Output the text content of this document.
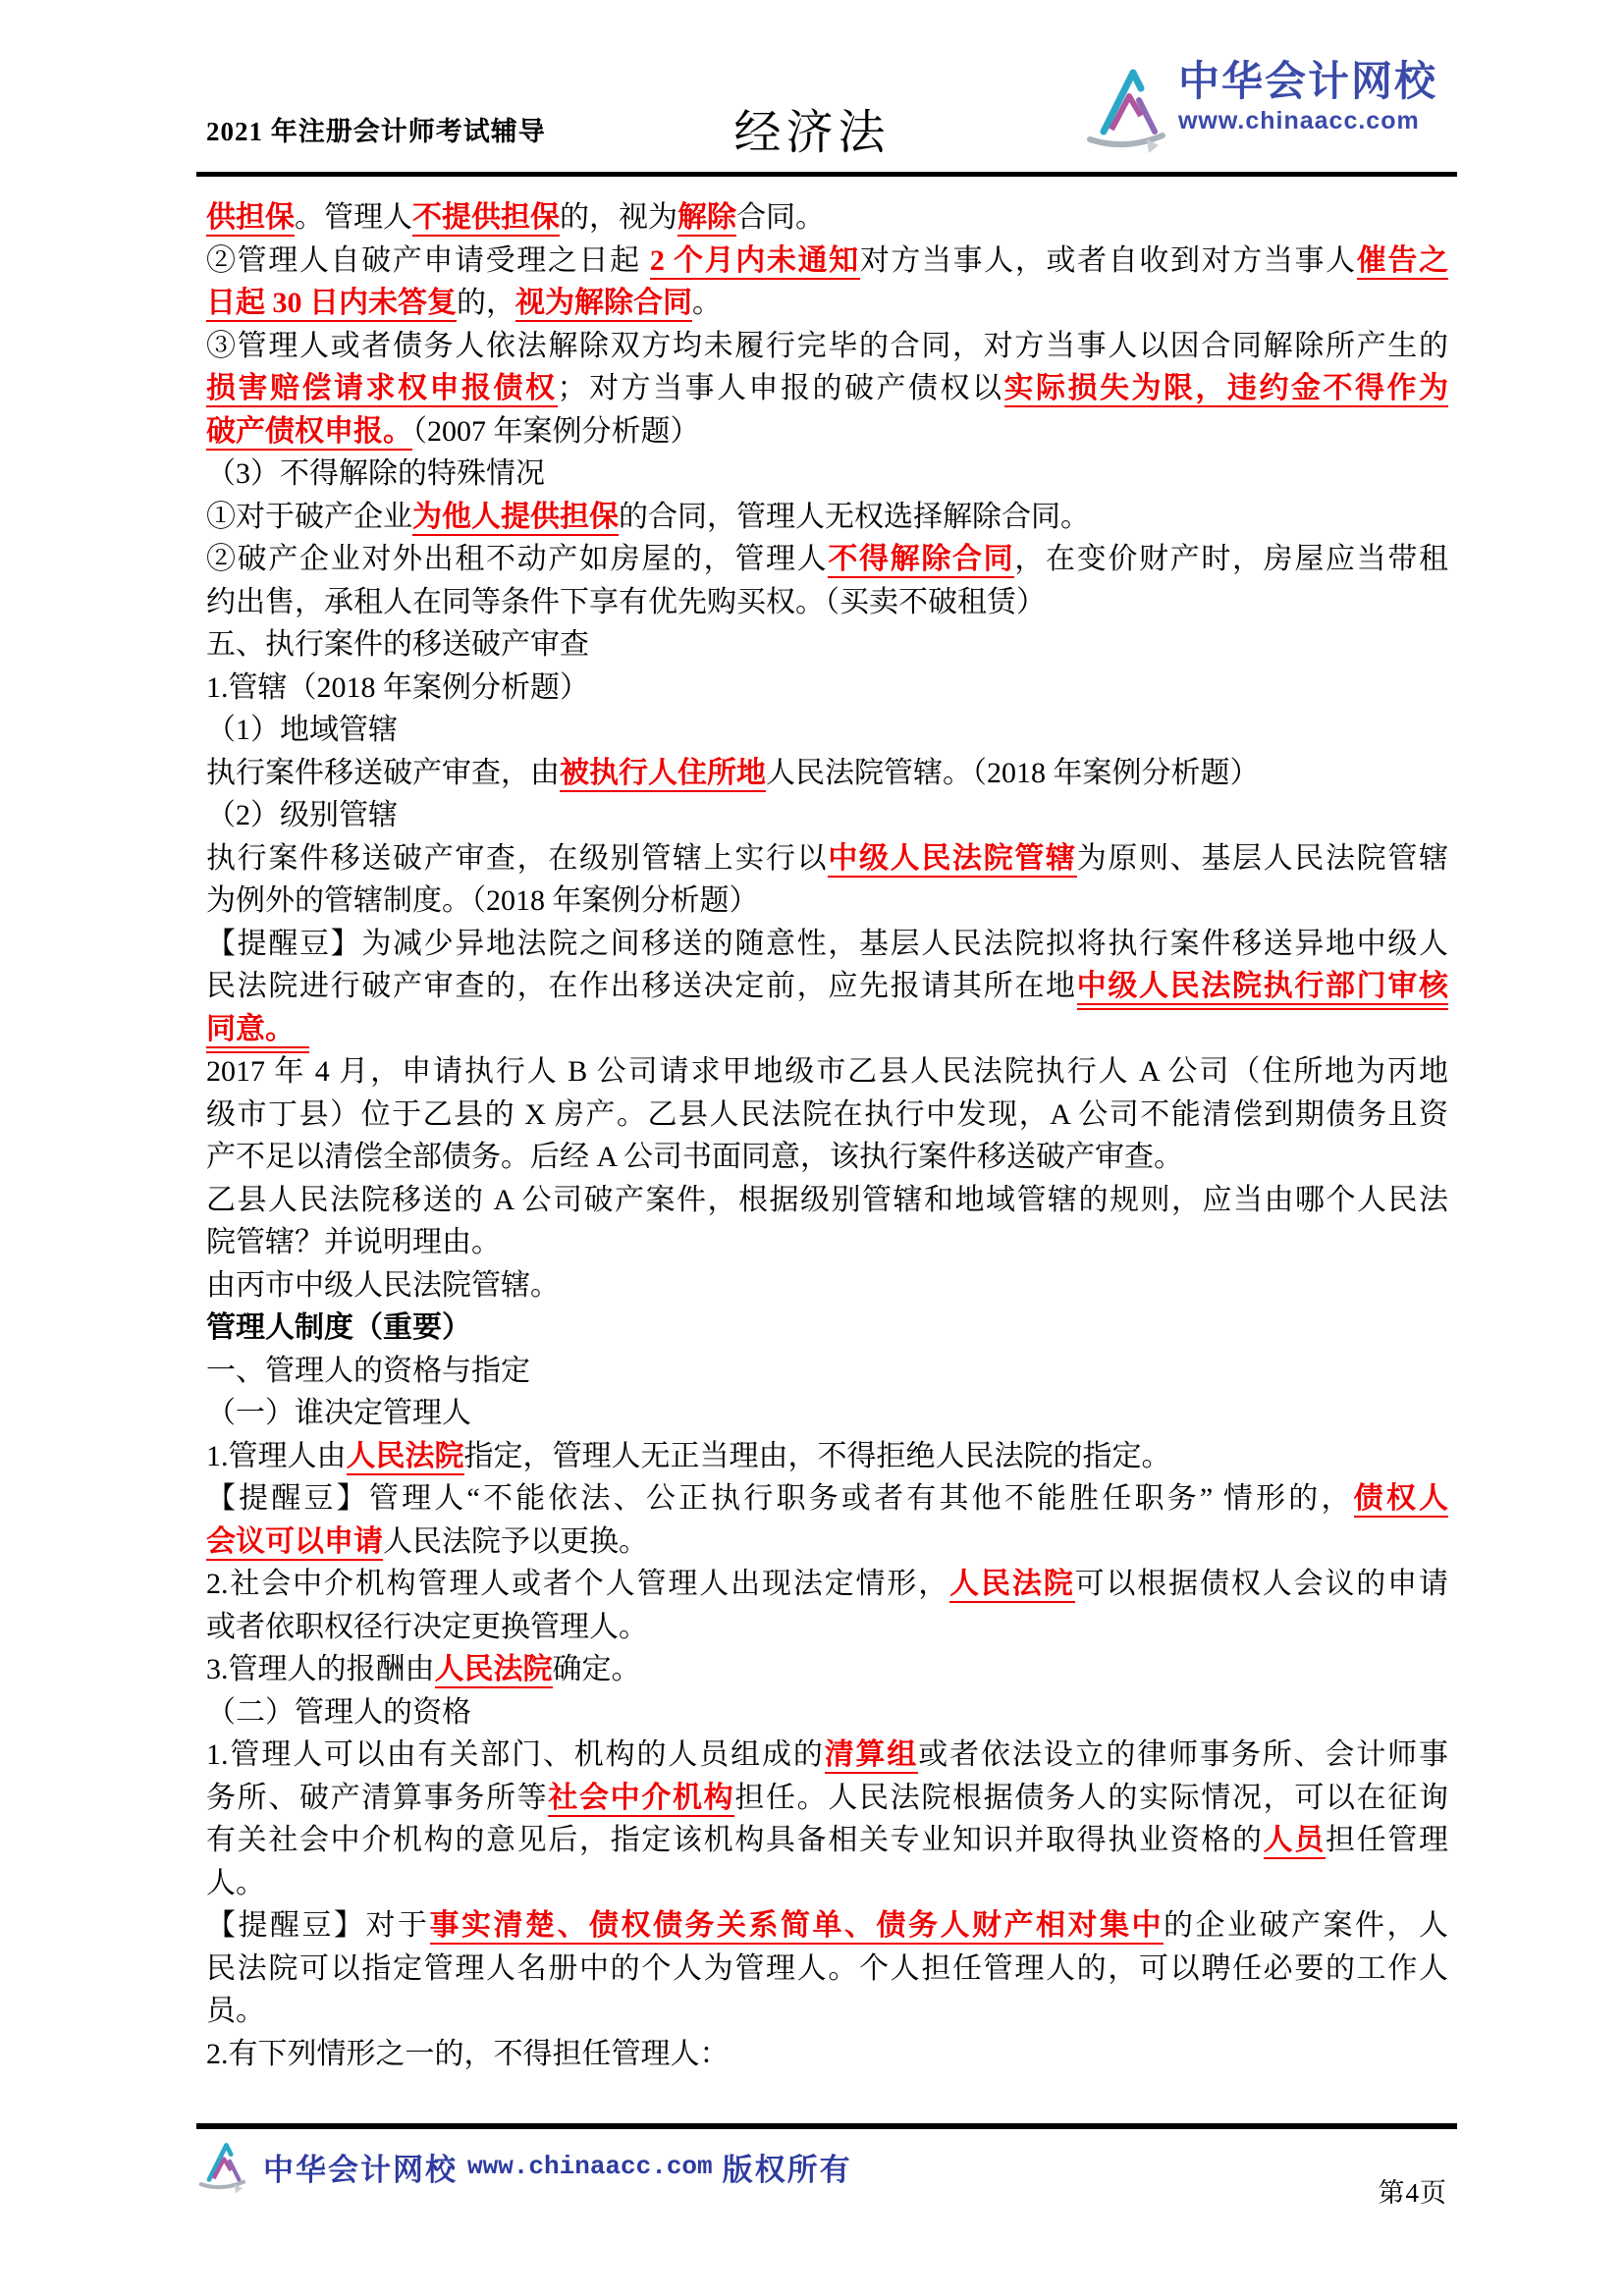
2021 年注册会计师考试辅导	经济法
中华会计网校
www.chinaacc.com
供担保。管理人不提供担保的，视为解除合同。
②管理人自破产申请受理之日起 2 个月内未通知对方当事人，或者自收到对方当事人催告之
日起 30 日内未答复的，视为解除合同。
③管理人或者债务人依法解除双方均未履行完毕的合同，对方当事人以因合同解除所产生的
损害赔偿请求权申报债权；对方当事人申报的破产债权以实际损失为限，违约金不得作为
破产债权申报。（2007 年案例分析题）
（3）不得解除的特殊情况
①对于破产企业为他人提供担保的合同，管理人无权选择解除合同。
②破产企业对外出租不动产如房屋的，管理人不得解除合同，在变价财产时，房屋应当带租
约出售，承租人在同等条件下享有优先购买权。（买卖不破租赁）
五、执行案件的移送破产审查
1.管辖（2018 年案例分析题）
（1）地域管辖
执行案件移送破产审查，由被执行人住所地人民法院管辖。（2018 年案例分析题）
（2）级别管辖
执行案件移送破产审查，在级别管辖上实行以中级人民法院管辖为原则、基层人民法院管辖
为例外的管辖制度。（2018 年案例分析题）
【提醒豆】为减少异地法院之间移送的随意性，基层人民法院拟将执行案件移送异地中级人
民法院进行破产审查的，在作出移送决定前，应先报请其所在地中级人民法院执行部门审核
同意。　
2017 年 4 月，申请执行人 B 公司请求甲地级市乙县人民法院执行人 A 公司（住所地为丙地
级市丁县）位于乙县的 X 房产。乙县人民法院在执行中发现，A 公司不能清偿到期债务且资
产不足以清偿全部债务。后经 A 公司书面同意，该执行案件移送破产审查。
乙县人民法院移送的 A 公司破产案件，根据级别管辖和地域管辖的规则，应当由哪个人民法
院管辖？并说明理由。
由丙市中级人民法院管辖。
管理人制度（重要）
一、管理人的资格与指定
（一）谁决定管理人
1.管理人由人民法院指定，管理人无正当理由，不得拒绝人民法院的指定。
【提醒豆】管理人“不能依法、公正执行职务或者有其他不能胜任职务” 情形的，债权人
会议可以申请人民法院予以更换。
2.社会中介机构管理人或者个人管理人出现法定情形，人民法院可以根据债权人会议的申请
或者依职权径行决定更换管理人。
3.管理人的报酬由人民法院确定。
（二）管理人的资格
1.管理人可以由有关部门、机构的人员组成的清算组或者依法设立的律师事务所、会计师事
务所、破产清算事务所等社会中介机构担任。人民法院根据债务人的实际情况，可以在征询
有关社会中介机构的意见后，指定该机构具备相关专业知识并取得执业资格的人员担任管理
人。
【提醒豆】对于事实清楚、债权债务关系简单、债务人财产相对集中的企业破产案件，人
民法院可以指定管理人名册中的个人为管理人。个人担任管理人的，可以聘任必要的工作人
员。
2.有下列情形之一的，不得担任管理人：
中华会计网校 www.chinaacc.com 版权所有
第4页
